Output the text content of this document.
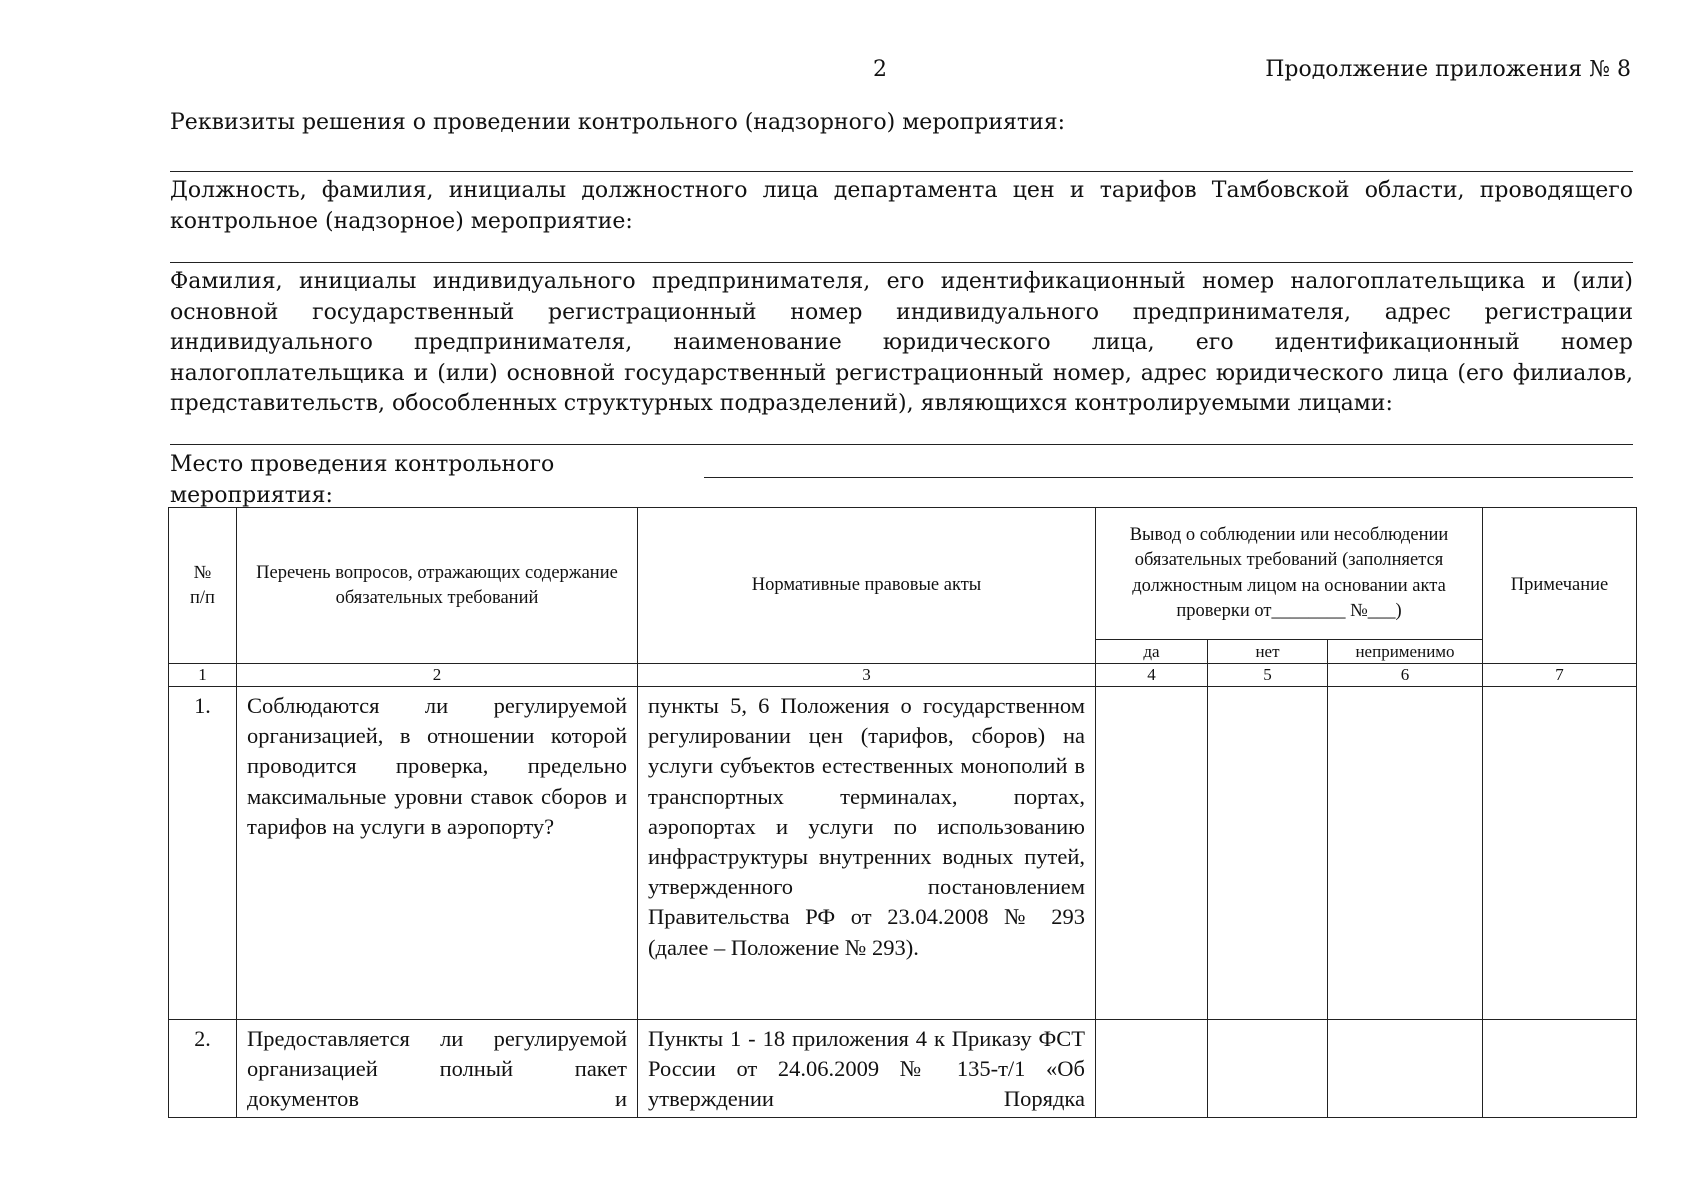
2	Продолжение приложения № 8
Реквизиты решения о проведении контрольного (надзорного) мероприятия:
Должность, фамилия, инициалы должностного лица департамента цен и тарифов Тамбовской области, проводящего контрольное (надзорное) мероприятие:
Фамилия, инициалы индивидуального предпринимателя, его идентификационный номер налогоплательщика и (или) основной государственный регистрационный номер индивидуального предпринимателя, адрес регистрации индивидуального предпринимателя, наименование юридического лица, его идентификационный номер налогоплательщика и (или) основной государственный регистрационный номер, адрес юридического лица (его филиалов, представительств, обособленных структурных подразделений), являющихся контролируемыми лицами:
Место проведения контрольного мероприятия:
№ п/п	Перечень вопросов, отражающих содержание обязательных требований	Нормативные правовые акты	Вывод о соблюдении или несоблюдении обязательных требований (заполняется должностным лицом на основании акта проверки от________ №___)			Примечание
			да	нет	неприменимо	
1	2	3	4	5	6	7
1.	Соблюдаются ли регулируемой организацией, в отношении которой проводится проверка, предельно максимальные уровни ставок сборов и тарифов на услуги в аэропорту?	пункты 5, 6 Положения о государственном регулировании цен (тарифов, сборов) на услуги субъектов естественных монополий в транспортных терминалах, портах, аэропортах и услуги по использованию инфраструктуры внутренних водных путей, утвержденного постановлением Правительства РФ от 23.04.2008 № 293 (далее – Положение № 293).				
2.	Предоставляется ли регулируемой организацией полный пакет документов и	Пункты 1 - 18 приложения 4 к Приказу ФСТ России от 24.06.2009 № 135-т/1 «Об утверждении Порядка				
